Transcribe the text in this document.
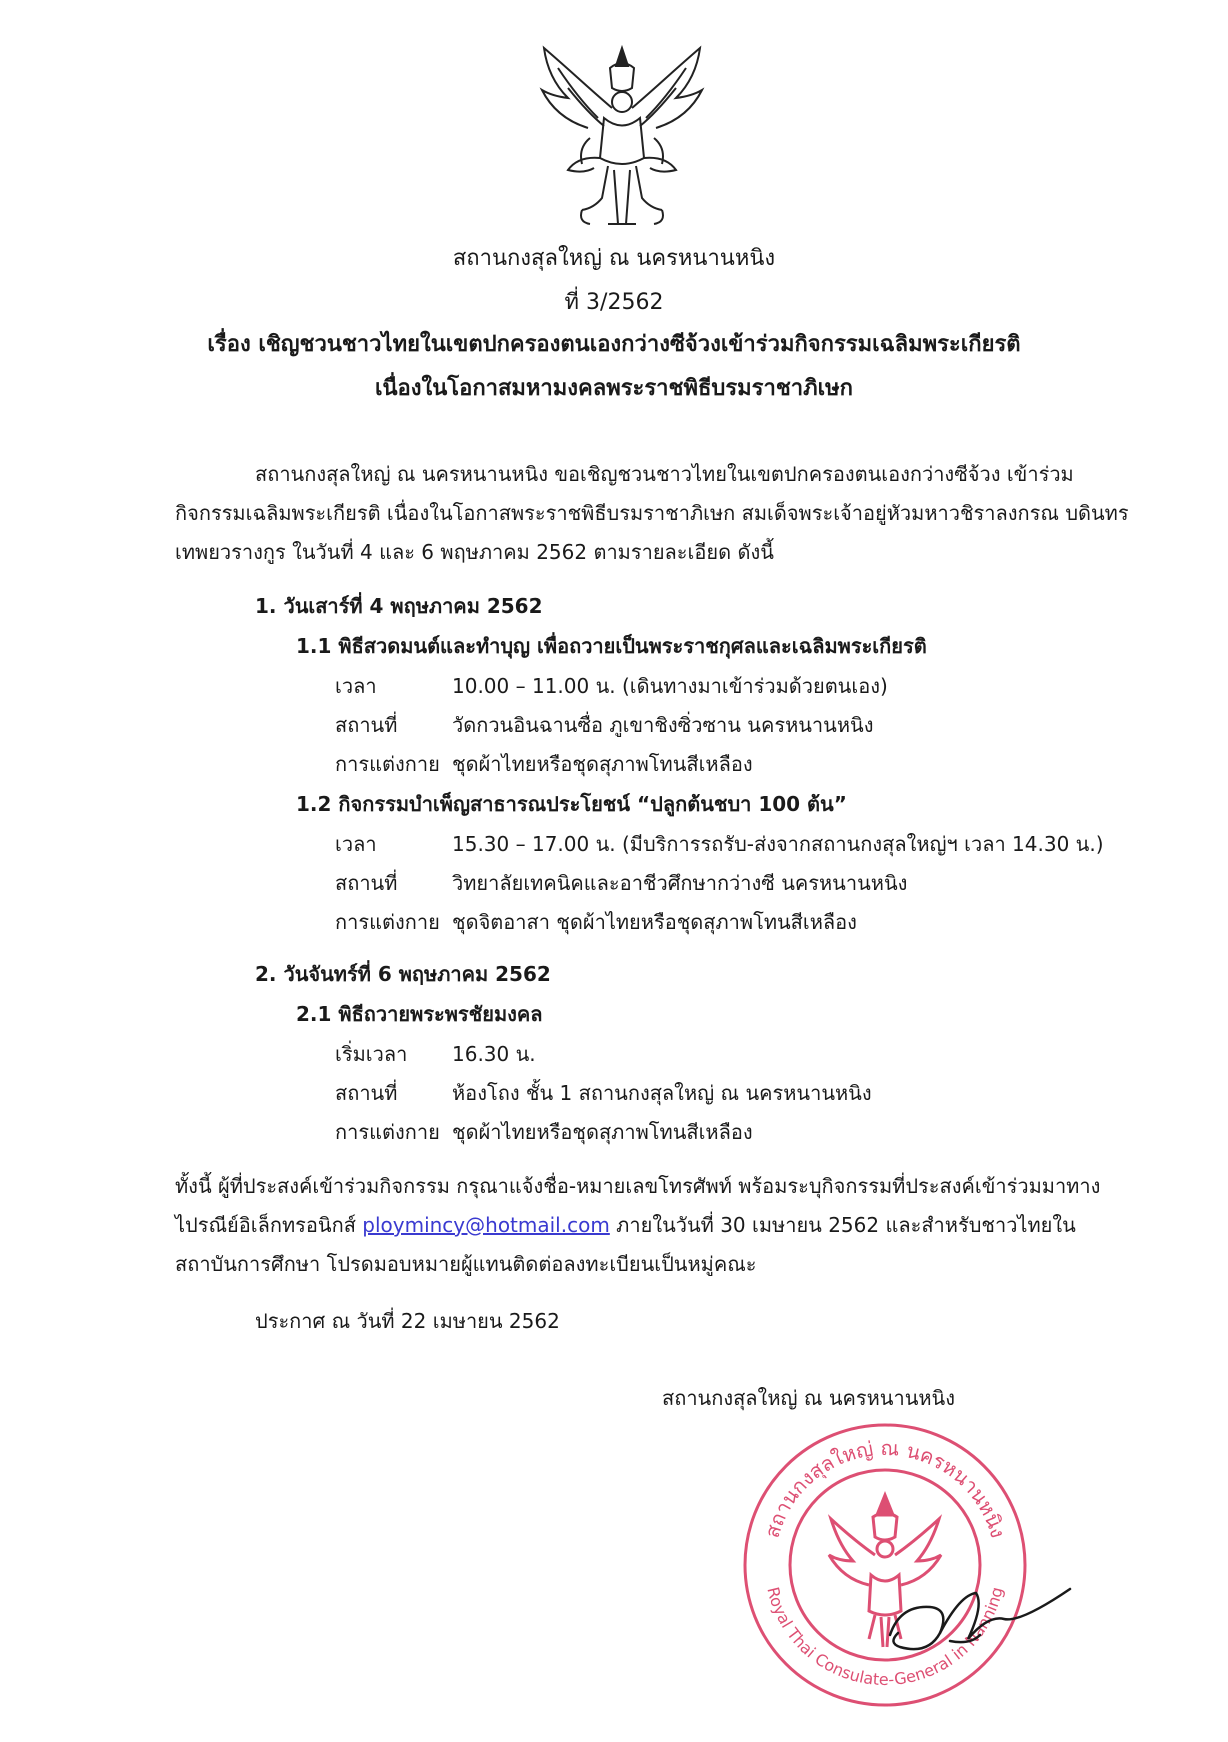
สถานกงสุลใหญ่ ณ นครหนานหนิง
ที่ 3/2562
เรื่อง เชิญชวนชาวไทยในเขตปกครองตนเองกว่างซีจ้วงเข้าร่วมกิจกรรมเฉลิมพระเกียรติ
เนื่องในโอกาสมหามงคลพระราชพิธีบรมราชาภิเษก
สถานกงสุลใหญ่ ณ นครหนานหนิง ขอเชิญชวนชาวไทยในเขตปกครองตนเองกว่างซีจ้วง เข้าร่วม
กิจกรรมเฉลิมพระเกียรติ เนื่องในโอกาสพระราชพิธีบรมราชาภิเษก สมเด็จพระเจ้าอยู่หัวมหาวชิราลงกรณ บดินทร
เทพยวรางกูร ในวันที่ 4 และ 6 พฤษภาคม 2562 ตามรายละเอียด ดังนี้
1. วันเสาร์ที่ 4 พฤษภาคม 2562
1.1 พิธีสวดมนต์และทำบุญ เพื่อถวายเป็นพระราชกุศลและเฉลิมพระเกียรติ
เวลา	10.00 – 11.00 น. (เดินทางมาเข้าร่วมด้วยตนเอง)
สถานที่	วัดกวนอินฉานซื่อ ภูเขาชิงซิ่วซาน นครหนานหนิง
การแต่งกาย ชุดผ้าไทยหรือชุดสุภาพโทนสีเหลือง
1.2 กิจกรรมบำเพ็ญสาธารณประโยชน์ “ปลูกต้นชบา 100 ต้น”
เวลา	15.30 – 17.00 น. (มีบริการรถรับ-ส่งจากสถานกงสุลใหญ่ฯ เวลา 14.30 น.)
สถานที่	วิทยาลัยเทคนิคและอาชีวศึกษากว่างซี นครหนานหนิง
การแต่งกาย ชุดจิตอาสา ชุดผ้าไทยหรือชุดสุภาพโทนสีเหลือง
2. วันจันทร์ที่ 6 พฤษภาคม 2562
2.1 พิธีถวายพระพรชัยมงคล
เริ่มเวลา 16.30 น.
สถานที่	ห้องโถง ชั้น 1 สถานกงสุลใหญ่ ณ นครหนานหนิง
การแต่งกาย ชุดผ้าไทยหรือชุดสุภาพโทนสีเหลือง
ทั้งนี้ ผู้ที่ประสงค์เข้าร่วมกิจกรรม กรุณาแจ้งชื่อ-หมายเลขโทรศัพท์ พร้อมระบุกิจกรรมที่ประสงค์เข้าร่วมมาทาง
ไปรณีย์อิเล็กทรอนิกส์ ploymincy@hotmail.com ภายในวันที่ 30 เมษายน 2562 และสำหรับชาวไทยใน
สถาบันการศึกษา โปรดมอบหมายผู้แทนติดต่อลงทะเบียนเป็นหมู่คณะ
ประกาศ ณ วันที่ 22 เมษายน 2562
สถานกงสุลใหญ่ ณ นครหนานหนิง
Royal Thai Consulate-General in Nanning
สถานกงสุลใหญ่ ณ นครหนานหนิง
